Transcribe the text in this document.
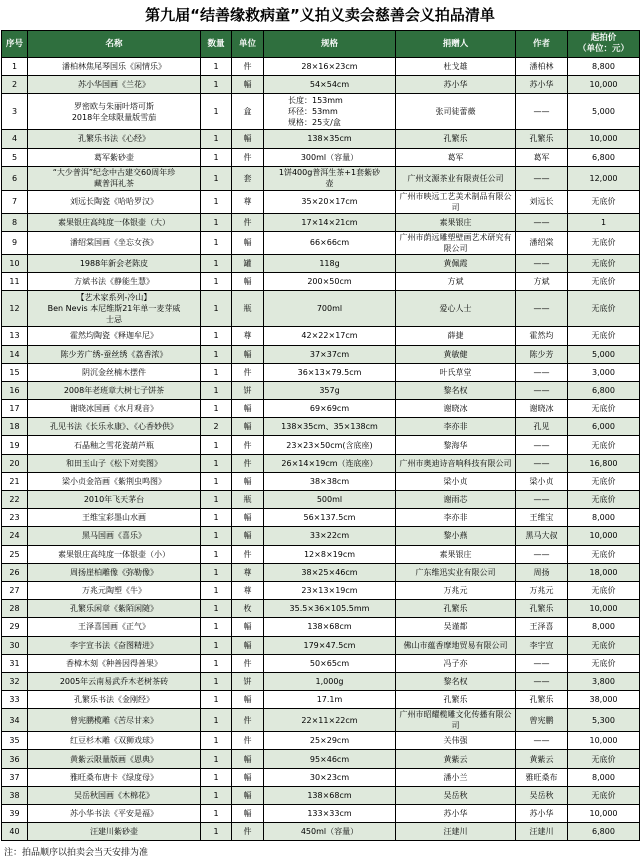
第九届“结善缘救病童”义拍义卖会慈善会义拍品清单
序号	名称	数量	单位	规格	捐赠人	作者	起拍价
（单位：元）
1	潘柏林焦尾琴国乐《闲情乐》	1	件	28×16×23cm	杜戈雄	潘柏林	8,800
2	苏小华国画《兰花》	1	幅	54×54cm	苏小华	苏小华	10,000
3	罗密欧与朱丽叶塔可斯
2018年全球限量版雪茄	1	盒	长度：153mm
环径：53mm
规格：25支/盒	张司徒蕾薇	——	5,000
4	孔繁乐书法《心经》	1	幅	138×35cm	孔繁乐	孔繁乐	10,000
5	葛军紫砂壶	1	件	300ml（容量）	葛军	葛军	6,800
6	“大少普洱”纪念中古建交60周年珍
藏普洱礼茶	1	套	1饼400g普洱生茶+1套紫砂
壶	广州文源茶业有限责任公司	——	12,000
7	刘远长陶瓷《哈哈罗汉》	1	尊	35×20×17cm	广州市映远工艺美术制品有限公司	刘远长	无底价
8	素果银庄高纯度一体银壶（大）	1	件	17×14×21cm	素果银庄	——	1
9	潘绍棠国画《坐忘女孩》	1	幅	66×66cm	广州市荫远雕塑壁画艺术研究有限公司	潘绍棠	无底价
10	1988年新会老陈皮	1	罐	118g	黄佩霞	——	无底价
11	方斌书法《静能生慧》	1	幅	200×50cm	方斌	方斌	无底价
12	【艺术家系列-冷山】
Ben Nevis 本尼维斯21年单一麦芽威
士忌	1	瓶	700ml	爱心人士	——	无底价
13	霍然均陶瓷《释迦牟尼》	1	尊	42×22×17cm	薛捷	霍然均	无底价
14	陈少芳广绣-蚕丝绣《荔香浓》	1	幅	37×37cm	黄敏健	陈少芳	5,000
15	阴沉金丝楠木摆件	1	件	36×13×79.5cm	叶氏草堂	——	3,000
16	2008年老班章大树七子饼茶	1	饼	357g	黎名权	——	6,800
17	谢晓冰国画《水月观音》	1	幅	69×69cm	谢晓冰	谢晓冰	无底价
18	孔见书法《长乐永康》、《心香妙供》	2	幅	138×35cm、35×138cm	李亦非	孔见	6,000
19	石晶釉之雪花瓷葫芦瓶	1	件	23×23×50cm(含底座)	黎海华	——	无底价
20	和田玉山子《松下对奕图》	1	件	26×14×19cm（连底座）	广州市奥迪诗音响科技有限公司	——	16,800
21	梁小贞金箔画《紫荆虫鸣图》	1	幅	38×38cm	梁小贞	梁小贞	无底价
22	2010年飞天茅台	1	瓶	500ml	谢雨芯	——	无底价
23	王维宝彩墨山水画	1	幅	56×137.5cm	李亦非	王维宝	8,000
24	黑马国画《喜乐》	1	幅	33×22cm	黎小燕	黑马大叔	10,000
25	素果银庄高纯度一体银壶（小）	1	件	12×8×19cm	素果银庄	——	无底价
26	周扬崖柏雕像《弥勒像》	1	尊	38×25×46cm	广东维迅实业有限公司	周扬	18,000
27	万兆元陶塑《牛》	1	尊	23×13×19cm	万兆元	万兆元	无底价
28	孔繁乐闲章《紫陌闲随》	1	枚	35.5×36×105.5mm	孔繁乐	孔繁乐	10,000
29	王泽喜国画《正气》	1	幅	138×68cm	吴谨都	王泽喜	8,000
30	李宇宣书法《奋图精进》	1	幅	179×47.5cm	佛山市蕴香摩地贸易有限公司	李宇宣	无底价
31	香樟木刻《种善因得善果》	1	件	50×65cm	冯子亦	——	无底价
32	2005年云南易武乔木老树茶砖	1	饼	1,000g	黎名权	——	3,800
33	孔繁乐书法《金刚经》	1	幅	17.1m	孔繁乐	孔繁乐	38,000
34	曾宪鹏榄雕《苦尽甘来》	1	件	22×11×22cm	广州市昭耀榄雕文化传播有限公司	曾宪鹏	5,300
35	红豆杉木雕《双狮戏球》	1	件	25×29cm	关伟强	——	10,000
36	黄紫云限量版画《恩典》	1	幅	95×46cm	黄紫云	黄紫云	无底价
37	雅旺桑布唐卡《绿度母》	1	幅	30×23cm	潘小兰	雅旺桑布	8,000
38	吴岳秋国画《木棉花》	1	幅	138×68cm	吴岳秋	吴岳秋	无底价
39	苏小华书法《平安是福》	1	幅	133×33cm	苏小华	苏小华	10,000
40	汪建川紫砂壶	1	件	450ml（容量）	汪建川	汪建川	6,800
注：拍品顺序以拍卖会当天安排为准
